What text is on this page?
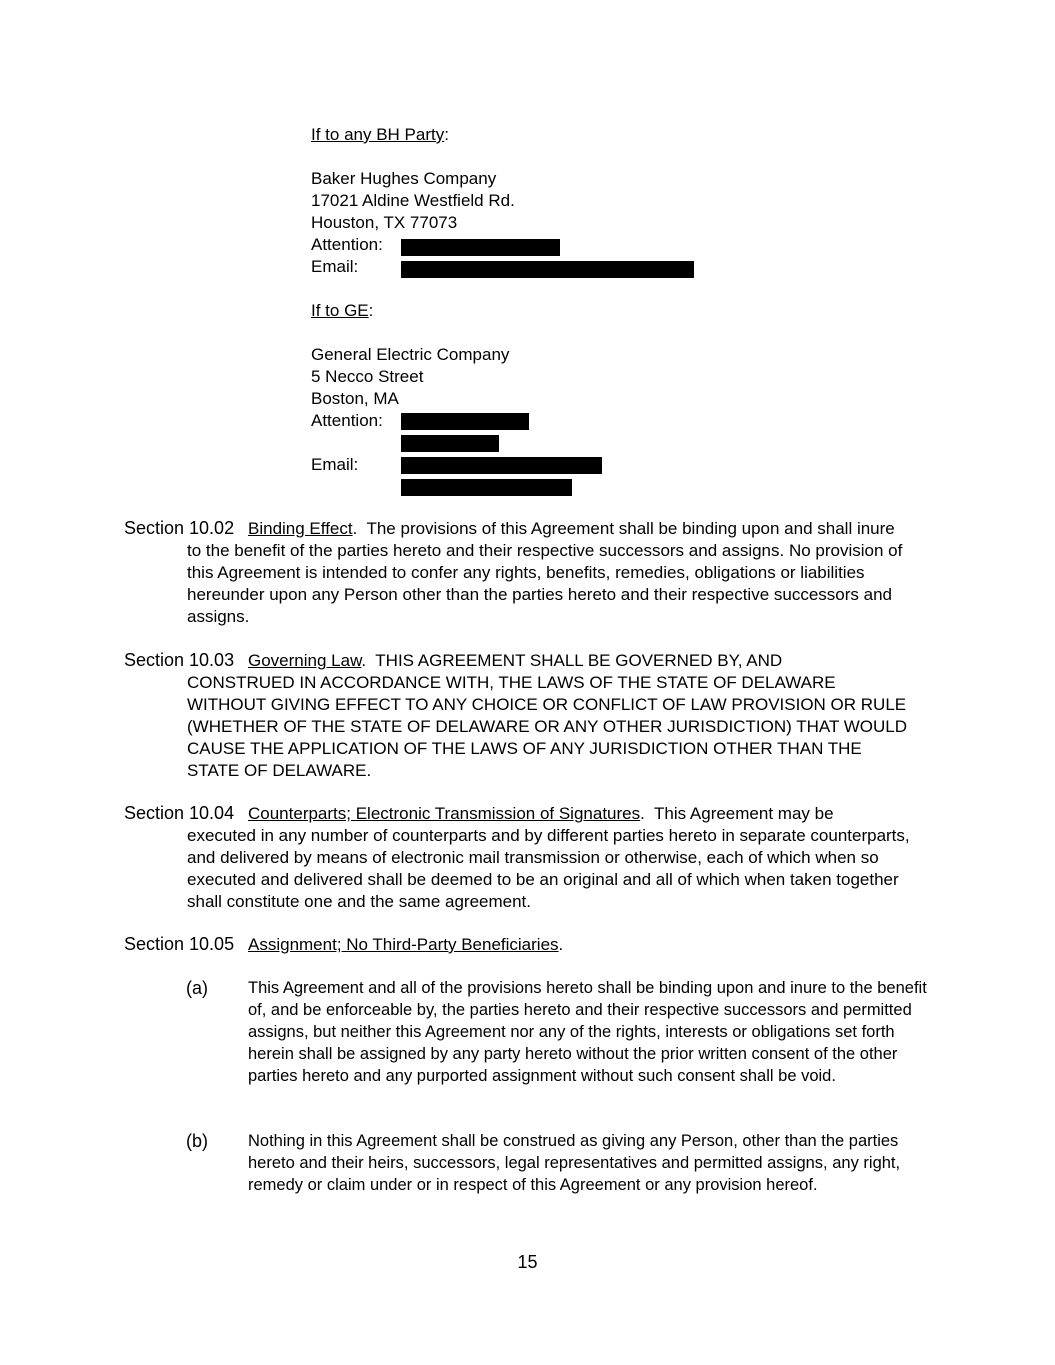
If to any BH Party:
Baker Hughes Company
17021 Aldine Westfield Rd.
Houston, TX 77073
Attention:
Email:
If to GE:
General Electric Company
5 Necco Street
Boston, MA
Attention:
Email:
Section 10.02 Binding Effect.  The provisions of this Agreement shall be binding upon and shall inure
to the benefit of the parties hereto and their respective successors and assigns. No provision of this Agreement is intended to confer any rights, benefits, remedies, obligations or liabilities hereunder upon any Person other than the parties hereto and their respective successors and assigns.
Section 10.03 Governing Law.  THIS AGREEMENT SHALL BE GOVERNED BY, AND
CONSTRUED IN ACCORDANCE WITH, THE LAWS OF THE STATE OF DELAWARE WITHOUT GIVING EFFECT TO ANY CHOICE OR CONFLICT OF LAW PROVISION OR RULE (WHETHER OF THE STATE OF DELAWARE OR ANY OTHER JURISDICTION) THAT WOULD CAUSE THE APPLICATION OF THE LAWS OF ANY JURISDICTION OTHER THAN THE STATE OF DELAWARE.
Section 10.04 Counterparts; Electronic Transmission of Signatures.  This Agreement may be
executed in any number of counterparts and by different parties hereto in separate counterparts, and delivered by means of electronic mail transmission or otherwise, each of which when so executed and delivered shall be deemed to be an original and all of which when taken together shall constitute one and the same agreement.
Section 10.05 Assignment; No Third-Party Beneficiaries.
(a) This Agreement and all of the provisions hereto shall be binding upon and inure to the benefit of, and be enforceable by, the parties hereto and their respective successors and permitted assigns, but neither this Agreement nor any of the rights, interests or obligations set forth herein shall be assigned by any party hereto without the prior written consent of the other parties hereto and any purported assignment without such consent shall be void.
(b) Nothing in this Agreement shall be construed as giving any Person, other than the parties hereto and their heirs, successors, legal representatives and permitted assigns, any right, remedy or claim under or in respect of this Agreement or any provision hereof.
15
